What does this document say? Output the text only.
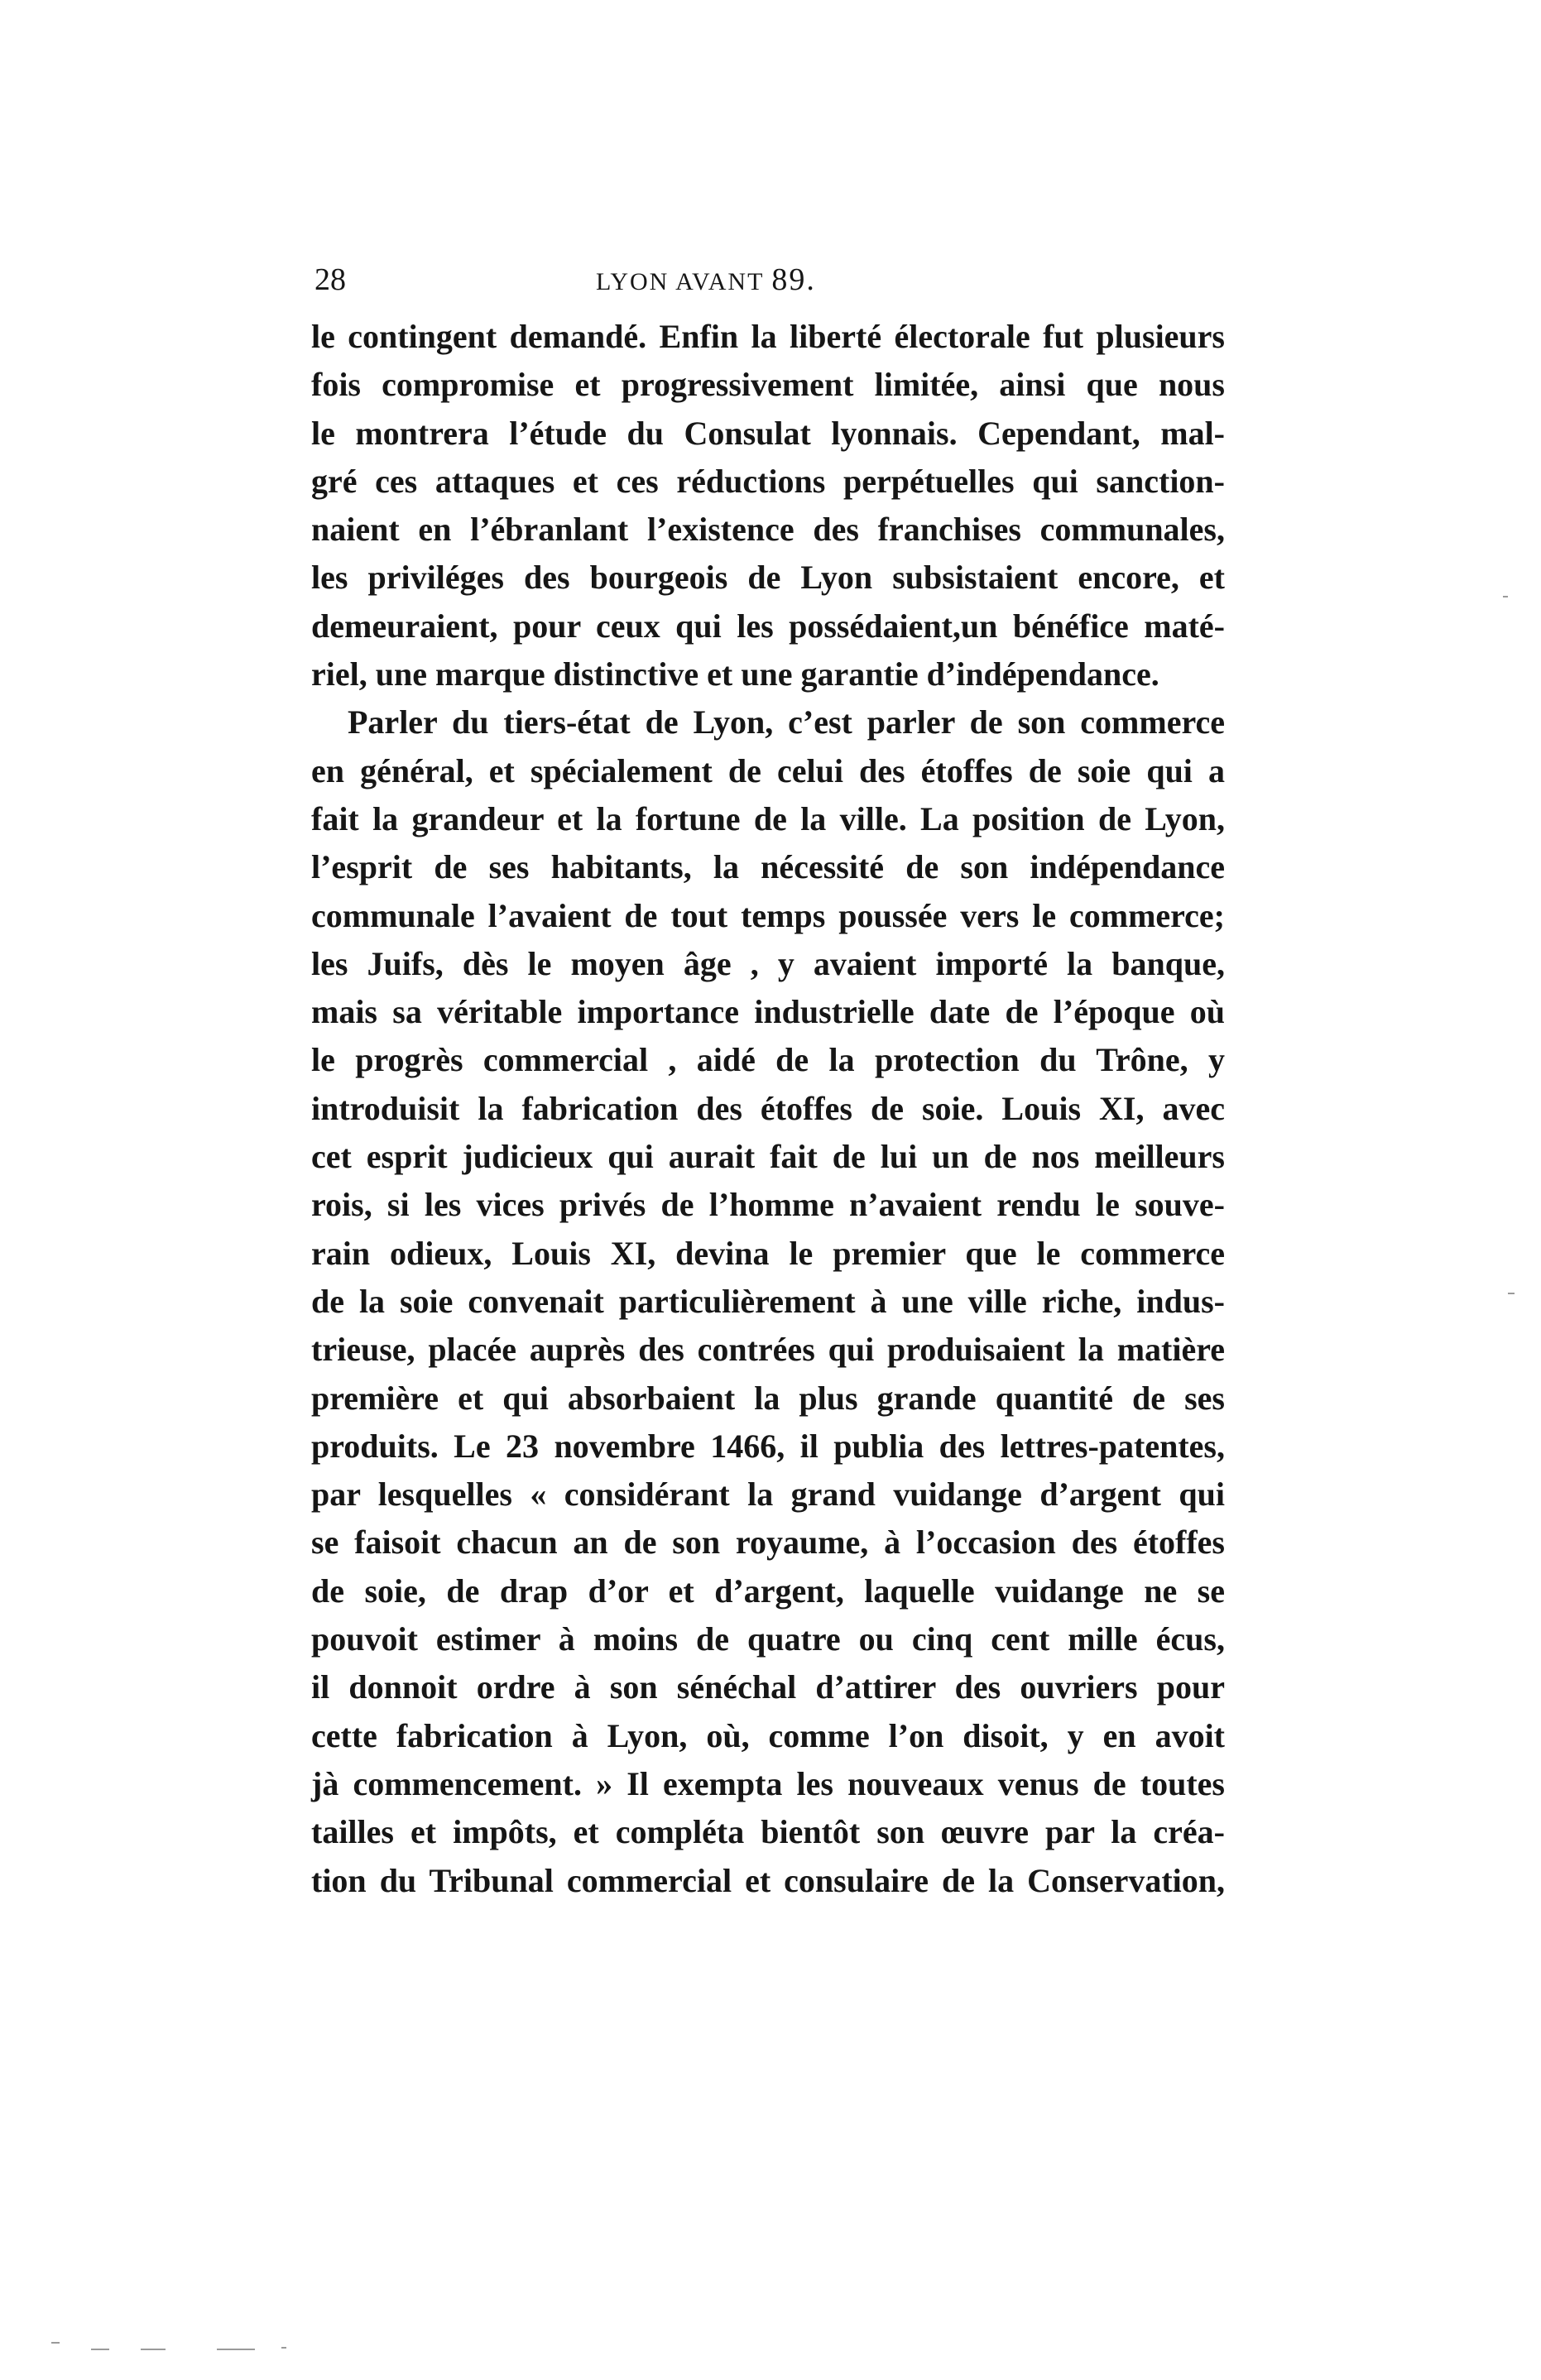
28	LYON AVANT 89.
le contingent demandé. Enfin la liberté électorale fut plusieurs
fois compromise et progressivement limitée, ainsi que nous
le montrera l’étude du Consulat lyonnais. Cependant, mal-
gré ces attaques et ces réductions perpétuelles qui sanction-
naient en l’ébranlant l’existence des franchises communales,
les priviléges des bourgeois de Lyon subsistaient encore, et
demeuraient, pour ceux qui les possédaient,un bénéfice maté-
riel, une marque distinctive et une garantie d’indépendance.
Parler du tiers-état de Lyon, c’est parler de son commerce
en général, et spécialement de celui des étoffes de soie qui a
fait la grandeur et la fortune de la ville. La position de Lyon,
l’esprit de ses habitants, la nécessité de son indépendance
communale l’avaient de tout temps poussée vers le commerce;
les Juifs, dès le moyen âge , y avaient importé la banque,
mais sa véritable importance industrielle date de l’époque où
le progrès commercial , aidé de la protection du Trône, y
introduisit la fabrication des étoffes de soie. Louis XI, avec
cet esprit judicieux qui aurait fait de lui un de nos meilleurs
rois, si les vices privés de l’homme n’avaient rendu le souve-
rain odieux, Louis XI, devina le premier que le commerce
de la soie convenait particulièrement à une ville riche, indus-
trieuse, placée auprès des contrées qui produisaient la matière
première et qui absorbaient la plus grande quantité de ses
produits. Le 23 novembre 1466, il publia des lettres-patentes,
par lesquelles « considérant la grand vuidange d’argent qui
se faisoit chacun an de son royaume, à l’occasion des étoffes
de soie, de drap d’or et d’argent, laquelle vuidange ne se
pouvoit estimer à moins de quatre ou cinq cent mille écus,
il donnoit ordre à son sénéchal d’attirer des ouvriers pour
cette fabrication à Lyon, où, comme l’on disoit, y en avoit
jà commencement. » Il exempta les nouveaux venus de toutes
tailles et impôts, et compléta bientôt son œuvre par la créa-
tion du Tribunal commercial et consulaire de la Conservation,
